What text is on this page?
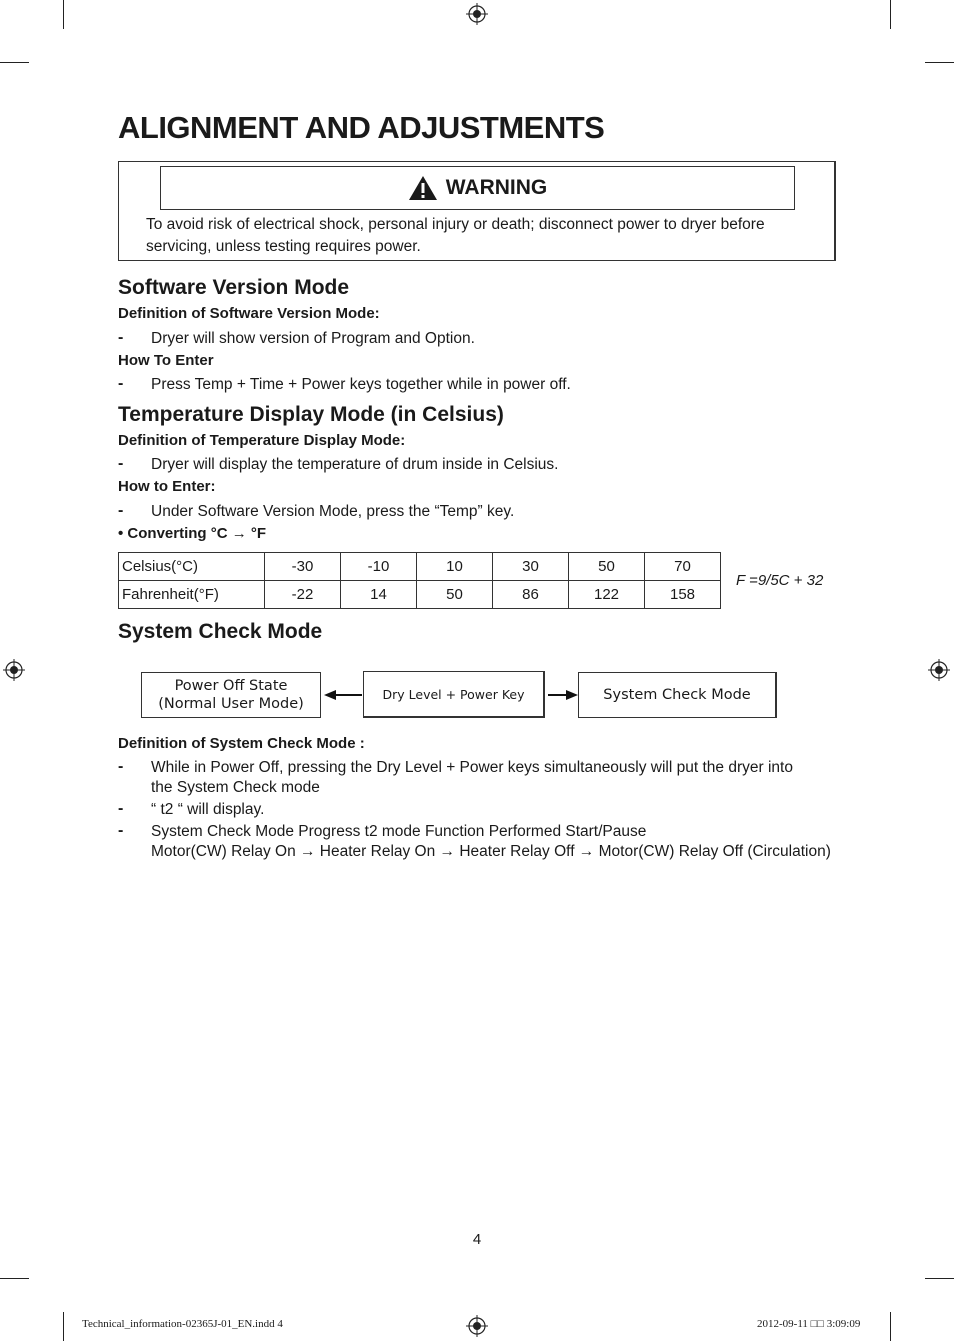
ALIGNMENT AND ADJUSTMENTS
WARNING
To avoid risk of electrical shock, personal injury or death; disconnect power to dryer before servicing, unless testing requires power.
Software Version Mode
Definition of Software Version Mode:
- Dryer will show version of Program and Option.
How To Enter
- Press Temp + Time + Power keys together while in power off.
Temperature Display Mode (in Celsius)
Definition of Temperature Display Mode:
- Dryer will display the temperature of drum inside in Celsius.
How to Enter:
- Under Software Version Mode, press the “Temp” key.
• Converting °C → °F
Celsius(°C)	-30	-10	10	30	50	70
Fahrenheit(°F)	-22	14	50	86	122	158
F =9/5C + 32
System Check Mode
Power Off State
(Normal User Mode)
Dry Level + Power Key	System Check Mode
Definition of System Check Mode :
- While in Power Off, pressing the Dry Level + Power keys simultaneously will put the dryer into
the System Check mode
- “ t2 “ will display.
- System Check Mode Progress t2 mode Function Performed Start/Pause
Motor(CW) Relay On → Heater Relay On → Heater Relay Off → Motor(CW) Relay Off (Circulation)
4
Technical_information-02365J-01_EN.indd 4	2012-09-11 □□ 3:09:09
